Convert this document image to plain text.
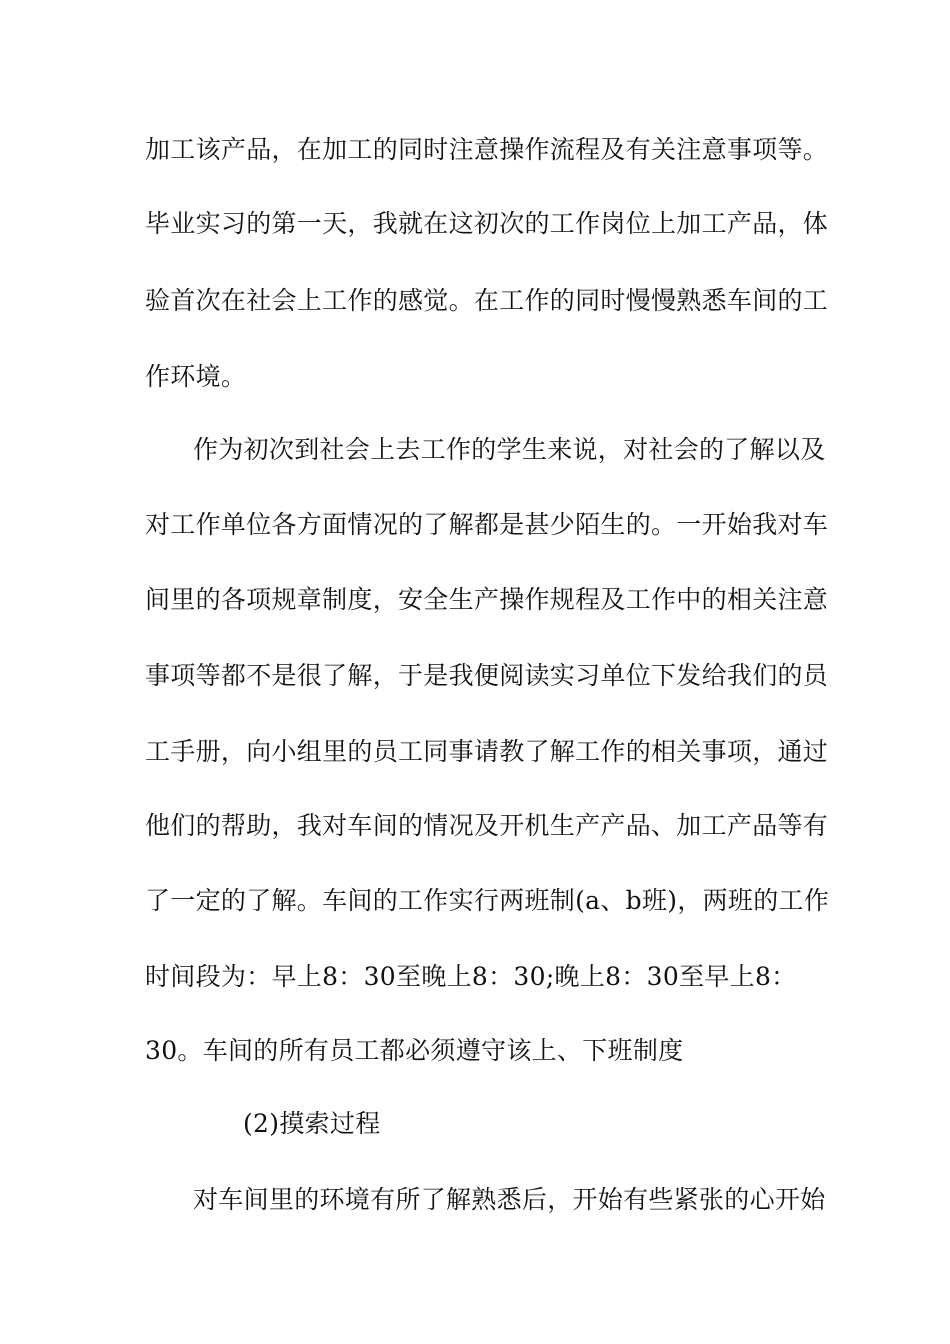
加工该产品，在加工的同时注意操作流程及有关注意事项等。
毕业实习的第一天，我就在这初次的工作岗位上加工产品，体
验首次在社会上工作的感觉。在工作的同时慢慢熟悉车间的工
作环境。
作为初次到社会上去工作的学生来说，对社会的了解以及
对工作单位各方面情况的了解都是甚少陌生的。一开始我对车
间里的各项规章制度，安全生产操作规程及工作中的相关注意
事项等都不是很了解，于是我便阅读实习单位下发给我们的员
工手册，向小组里的员工同事请教了解工作的相关事项，通过
他们的帮助，我对车间的情况及开机生产产品、加工产品等有
了一定的了解。车间的工作实行两班制(a、b班)，两班的工作
时间段为：早上8：30至晚上8：30;晚上8：30至早上8：
30。车间的所有员工都必须遵守该上、下班制度
(2)摸索过程
对车间里的环境有所了解熟悉后，开始有些紧张的心开始
